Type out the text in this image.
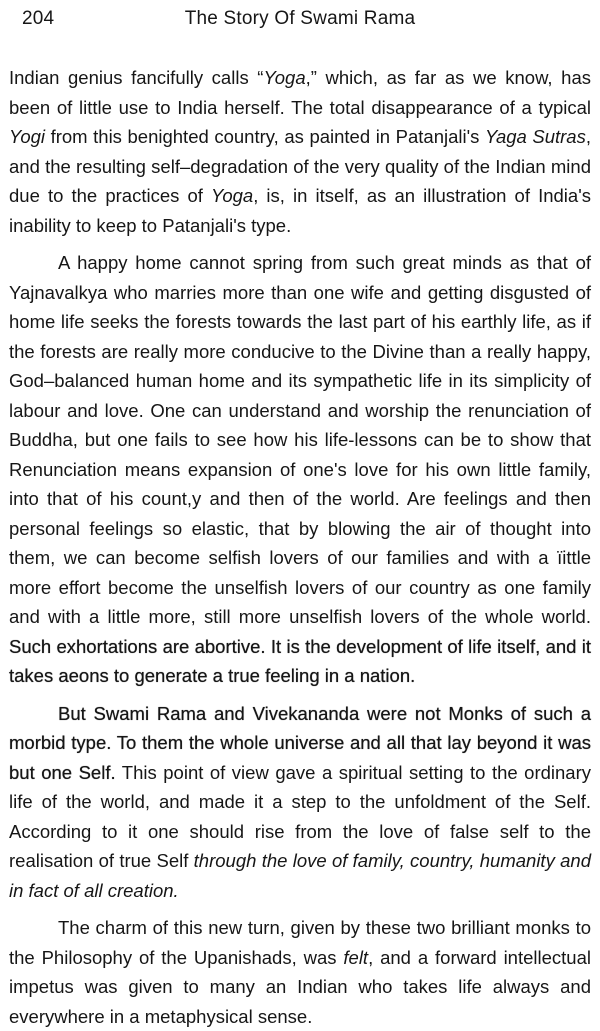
204	The Story Of Swami Rama

Indian genius fancifully calls “Yoga,” which, as far as we know, has been of little use to India herself. The total disappearance of a typical Yogi from this benighted country, as painted in Patanjali's Yaga Sutras, and the resulting self–degradation of the very quality of the Indian mind due to the practices of Yoga, is, in itself, as an illustration of India's inability to keep to Patanjali's type.

A happy home cannot spring from such great minds as that of Yajnavalkya who marries more than one wife and getting disgusted of home life seeks the forests towards the last part of his earthly life, as if the forests are really more conducive to the Divine than a really happy, God–balanced human home and its sympathetic life in its simplicity of labour and love. One can understand and worship the renunciation of Buddha, but one fails to see how his life-lessons can be to show that Renunciation means expansion of one's love for his own little family, into that of his count,y and then of the world. Are feelings and then personal feelings so elastic, that by blowing the air of thought into them, we can become selfish lovers of our families and with a ïittle more effort become the unselfish lovers of our country as one family and with a little more, still more unselfish lovers of the whole world. Such exhortations are abortive. It is the development of life itself, and it takes aeons to generate a true feeling in a nation.

But Swami Rama and Vivekananda were not Monks of such a morbid type. To them the whole universe and all that lay beyond it was but one Self. This point of view gave a spiritual setting to the ordinary life of the world, and made it a step to the unfoldment of the Self. According to it one should rise from the love of false self to the realisation of true Self through the love of family, country, humanity and in fact of all creation.

The charm of this new turn, given by these two brilliant monks to the Philosophy of the Upanishads, was felt, and a forward intellectual impetus was given to many an Indian who takes life always and everywhere in a metaphysical sense.
